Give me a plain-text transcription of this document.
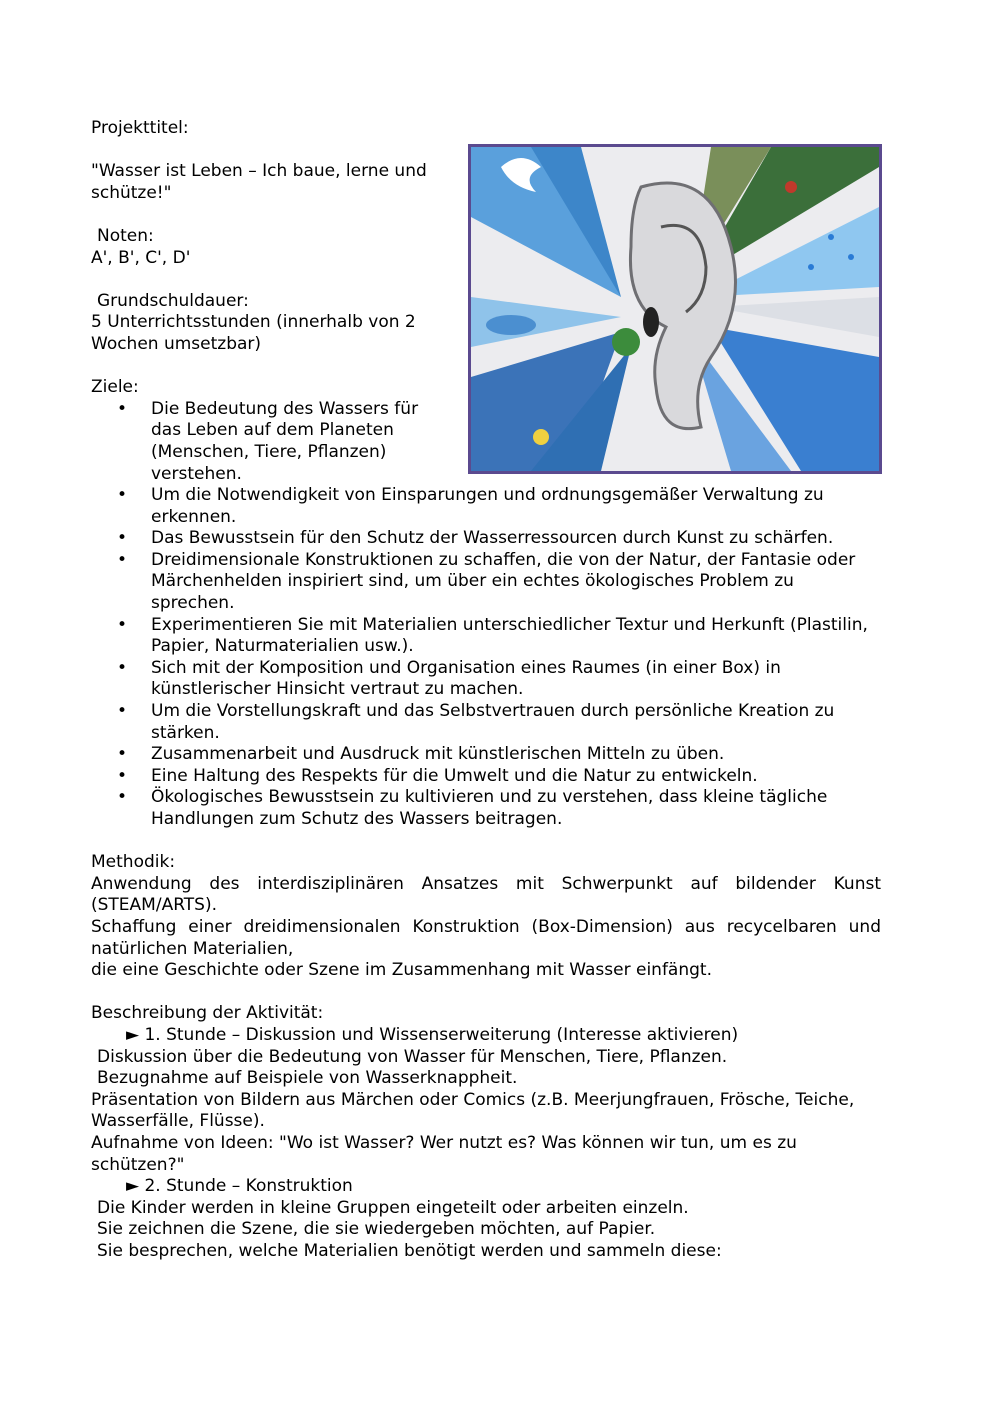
Projekttitel:

"Wasser ist Leben – Ich baue, lerne und schütze!"

Noten:

A', B', C', D'

Grundschuldauer:

5 Unterrichtsstunden (innerhalb von 2 Wochen umsetzbar)

Ziele:

• Die Bedeutung des Wassers für das Leben auf dem Planeten (Menschen, Tiere, Pflanzen) verstehen.
• Um die Notwendigkeit von Einsparungen und ordnungsgemäßer Verwaltung zu erkennen.
• Das Bewusstsein für den Schutz der Wasserressourcen durch Kunst zu schärfen.
• Dreidimensionale Konstruktionen zu schaffen, die von der Natur, der Fantasie oder Märchenhelden inspiriert sind, um über ein echtes ökologisches Problem zu sprechen.
• Experimentieren Sie mit Materialien unterschiedlicher Textur und Herkunft (Plastilin, Papier, Naturmaterialien usw.).
• Sich mit der Komposition und Organisation eines Raumes (in einer Box) in künstlerischer Hinsicht vertraut zu machen.
• Um die Vorstellungskraft und das Selbstvertrauen durch persönliche Kreation zu stärken.
• Zusammenarbeit und Ausdruck mit künstlerischen Mitteln zu üben.
• Eine Haltung des Respekts für die Umwelt und die Natur zu entwickeln.
• Ökologisches Bewusstsein zu kultivieren und zu verstehen, dass kleine tägliche Handlungen zum Schutz des Wassers beitragen.

Methodik:

Anwendung des interdisziplinären Ansatzes mit Schwerpunkt auf bildender Kunst (STEAM/ARTS).

Schaffung einer dreidimensionalen Konstruktion (Box-Dimension) aus recycelbaren und natürlichen Materialien,

die eine Geschichte oder Szene im Zusammenhang mit Wasser einfängt.

Beschreibung der Aktivität:

► 1. Stunde – Diskussion und Wissenserweiterung (Interesse aktivieren)

Diskussion über die Bedeutung von Wasser für Menschen, Tiere, Pflanzen.

Bezugnahme auf Beispiele von Wasserknappheit.

Präsentation von Bildern aus Märchen oder Comics (z.B. Meerjungfrauen, Frösche, Teiche, Wasserfälle, Flüsse).

Aufnahme von Ideen: "Wo ist Wasser? Wer nutzt es? Was können wir tun, um es zu schützen?"

► 2. Stunde – Konstruktion

Die Kinder werden in kleine Gruppen eingeteilt oder arbeiten einzeln.

Sie zeichnen die Szene, die sie wiedergeben möchten, auf Papier.

Sie besprechen, welche Materialien benötigt werden und sammeln diese:
